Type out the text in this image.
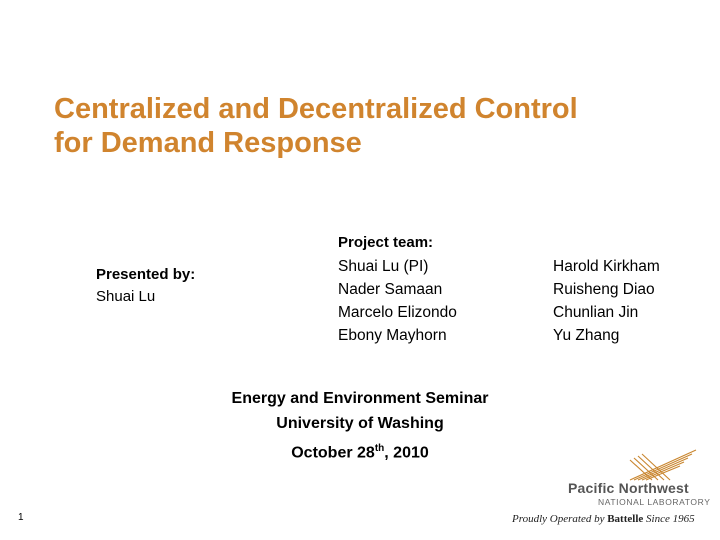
Centralized and Decentralized Control
for Demand Response
Presented by:
Shuai Lu
Project team:
Shuai Lu (PI)
Nader Samaan
Marcelo Elizondo
Ebony Mayhorn
Harold Kirkham
Ruisheng Diao
Chunlian Jin
Yu Zhang
Energy and Environment Seminar
University of Washing
October 28th, 2010
1
Pacific Northwest
NATIONAL LABORATORY
Proudly Operated by Battelle Since 1965
